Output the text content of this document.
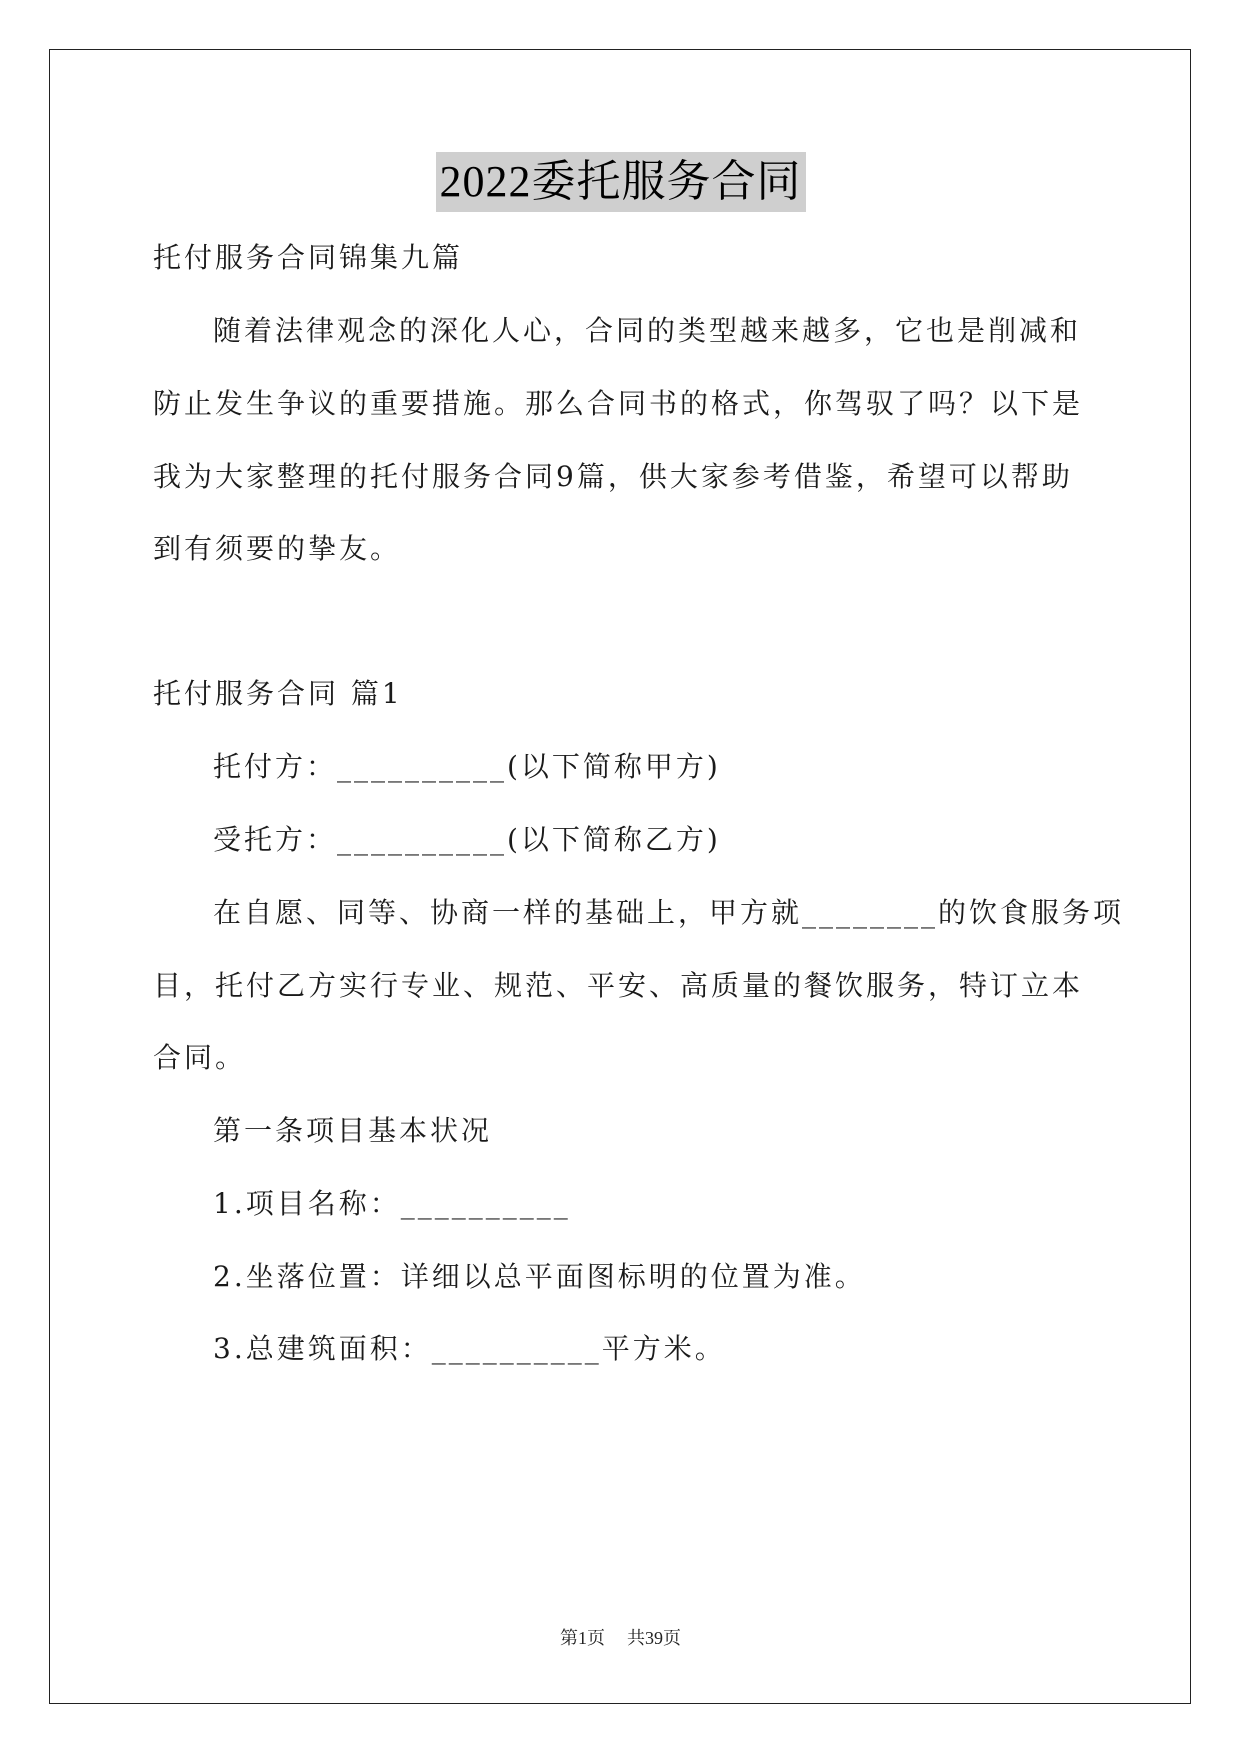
2022委托服务合同
托付服务合同锦集九篇
随着法律观念的深化人心，合同的类型越来越多，它也是削减和
防止发生争议的重要措施。那么合同书的格式，你驾驭了吗？以下是
我为大家整理的托付服务合同9篇，供大家参考借鉴，希望可以帮助
到有须要的挚友。
托付服务合同 篇1
托付方：__________(以下简称甲方)
受托方：__________(以下简称乙方)
在自愿、同等、协商一样的基础上，甲方就________的饮食服务项
目，托付乙方实行专业、规范、平安、高质量的餐饮服务，特订立本
合同。
第一条项目基本状况
1.项目名称：__________
2.坐落位置：详细以总平面图标明的位置为准。
3.总建筑面积：__________平方米。
第1页 共39页
